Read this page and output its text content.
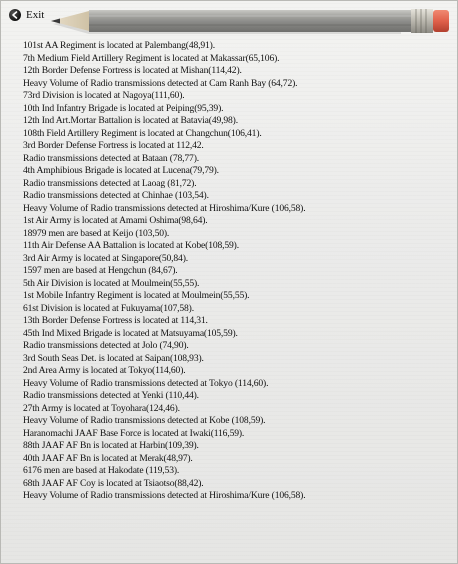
Exit
101st AA Regiment is located at Palembang(48,91).
7th Medium Field Artillery Regiment is located at Makassar(65,106).
12th Border Defense Fortress is located at Mishan(114,42).
Heavy Volume of Radio transmissions detected at Cam Ranh Bay (64,72).
73rd Division is located at Nagoya(111,60).
10th Ind Infantry Brigade is located at Peiping(95,39).
12th Ind Art.Mortar Battalion is located at Batavia(49,98).
108th Field Artillery Regiment is located at Changchun(106,41).
3rd Border Defense Fortress is located at 112,42.
Radio transmissions detected at Bataan (78,77).
4th Amphibious Brigade is located at Lucena(79,79).
Radio transmissions detected at Laoag (81,72).
Radio transmissions detected at Chinhae (103,54).
Heavy Volume of Radio transmissions detected at Hiroshima/Kure (106,58).
1st Air Army is located at Amami Oshima(98,64).
18979 men are based at Keijo (103,50).
11th Air Defense AA Battalion is located at Kobe(108,59).
3rd Air Army is located at Singapore(50,84).
1597 men are based at Hengchun (84,67).
5th Air Division is located at Moulmein(55,55).
1st Mobile Infantry Regiment is located at Moulmein(55,55).
61st Division is located at Fukuyama(107,58).
13th Border Defense Fortress is located at 114,31.
45th Ind Mixed Brigade is located at Matsuyama(105,59).
Radio transmissions detected at Jolo (74,90).
3rd South Seas Det. is located at Saipan(108,93).
2nd Area Army is located at Tokyo(114,60).
Heavy Volume of Radio transmissions detected at Tokyo (114,60).
Radio transmissions detected at Yenki (110,44).
27th Army is located at Toyohara(124,46).
Heavy Volume of Radio transmissions detected at Kobe (108,59).
Haranomachi JAAF Base Force is located at Iwaki(116,59).
88th JAAF AF Bn is located at Harbin(109,39).
40th JAAF AF Bn is located at Merak(48,97).
6176 men are based at Hakodate (119,53).
68th JAAF AF Coy is located at Tsiaotso(88,42).
Heavy Volume of Radio transmissions detected at Hiroshima/Kure (106,58).
